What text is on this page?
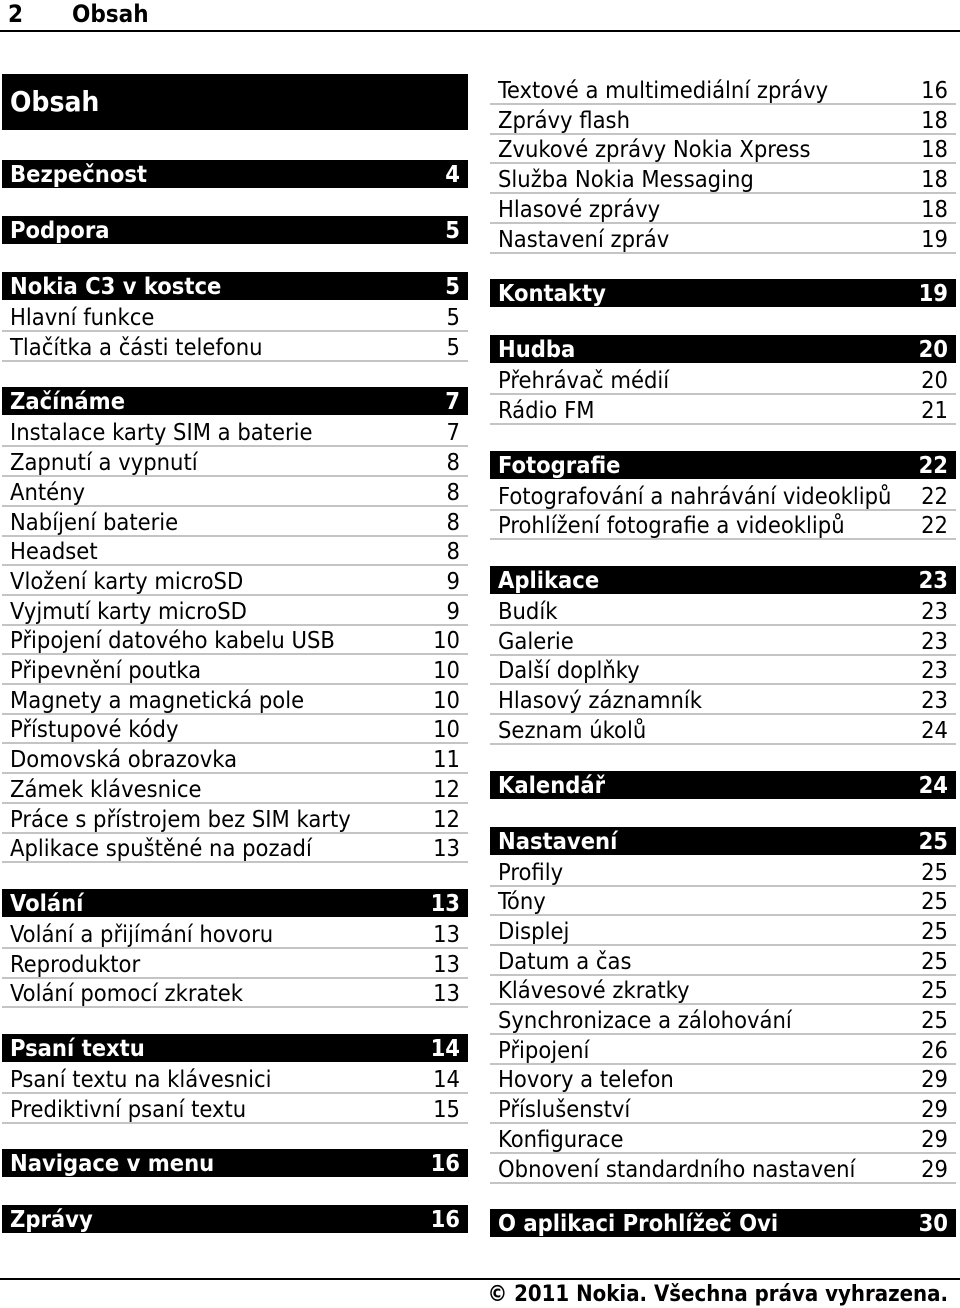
2 Obsah
Obsah
Bezpečnost	4
Podpora	5
Nokia C3 v kostce	5
Hlavní funkce	5
Tlačítka a části telefonu	5
Začínáme	7
Instalace karty SIM a baterie	7
Zapnutí a vypnutí	8
Antény	8
Nabíjení baterie	8
Headset	8
Vložení karty microSD	9
Vyjmutí karty microSD	9
Připojení datového kabelu USB	10
Připevnění poutka	10
Magnety a magnetická pole	10
Přístupové kódy	10
Domovská obrazovka	11
Zámek klávesnice	12
Práce s přístrojem bez SIM karty	12
Aplikace spuštěné na pozadí	13
Volání	13
Volání a přijímání hovoru	13
Reproduktor	13
Volání pomocí zkratek	13
Psaní textu	14
Psaní textu na klávesnici	14
Prediktivní psaní textu	15
Navigace v menu	16
Zprávy	16
Textové a multimediální zprávy	16
Zprávy flash	18
Zvukové zprávy Nokia Xpress	18
Služba Nokia Messaging	18
Hlasové zprávy	18
Nastavení zpráv	19
Kontakty	19
Hudba	20
Přehrávač médií	20
Rádio FM	21
Fotografie	22
Fotografování a nahrávání videoklipů 22
Prohlížení fotografie a videoklipů	22
Aplikace	23
Budík	23
Galerie	23
Další doplňky	23
Hlasový záznamník	23
Seznam úkolů	24
Kalendář	24
Nastavení	25
Profily	25
Tóny	25
Displej	25
Datum a čas	25
Klávesové zkratky	25
Synchronizace a zálohování	25
Připojení	26
Hovory a telefon	29
Příslušenství	29
Konfigurace	29
Obnovení standardního nastavení	29
O aplikaci Prohlížeč Ovi	30
© 2011 Nokia. Všechna práva vyhrazena.
